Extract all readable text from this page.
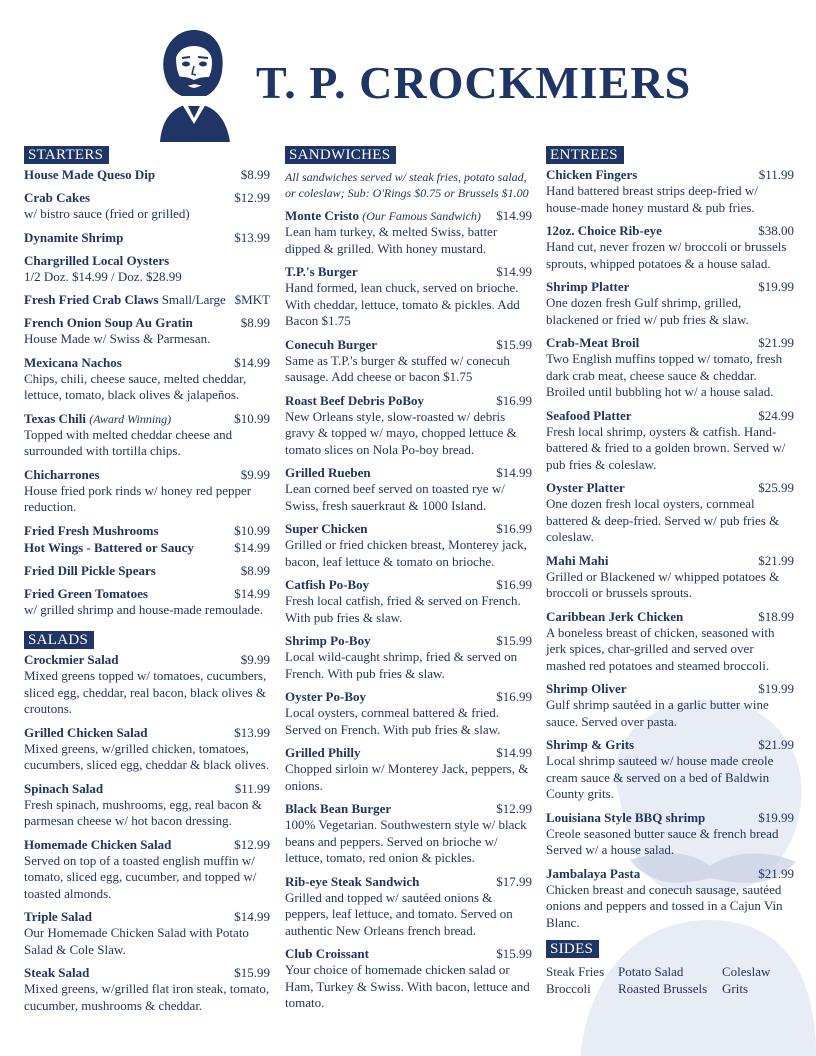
T. P. CROCKMIERS
STARTERS
House Made Queso Dip	$8.99
Crab Cakes	$12.99
w/ bistro sauce (fried or grilled)
Dynamite Shrimp	$13.99
Chargrilled Local Oysters
1/2 Doz. $14.99 / Doz. $28.99
Fresh Fried Crab Claws Small/Large $MKT
French Onion Soup Au Gratin	$8.99
House Made w/ Swiss & Parmesan.
Mexicana Nachos	$14.99
Chips, chili, cheese sauce, melted cheddar, lettuce, tomato, black olives & jalapeños.
Texas Chili (Award Winning)	$10.99
Topped with melted cheddar cheese and surrounded with tortilla chips.
Chicharrones	$9.99
House fried pork rinds w/ honey red pepper reduction.
Fried Fresh Mushrooms	$10.99
Hot Wings - Battered or Saucy	$14.99
Fried Dill Pickle Spears	$8.99
Fried Green Tomatoes	$14.99
w/ grilled shrimp and house-made remoulade.
SALADS
Crockmier Salad	$9.99
Mixed greens topped w/ tomatoes, cucumbers, sliced egg, cheddar, real bacon, black olives & croutons.
Grilled Chicken Salad	$13.99
Mixed greens, w/grilled chicken, tomatoes, cucumbers, sliced egg, cheddar & black olives.
Spinach Salad	$11.99
Fresh spinach, mushrooms, egg, real bacon & parmesan cheese w/ hot bacon dressing.
Homemade Chicken Salad	$12.99
Served on top of a toasted english muffin w/ tomato, sliced egg, cucumber, and topped w/ toasted almonds.
Triple Salad	$14.99
Our Homemade Chicken Salad with Potato Salad & Cole Slaw.
Steak Salad	$15.99
Mixed greens, w/grilled flat iron steak, tomato, cucumber, mushrooms & cheddar.
SANDWICHES
All sandwiches served w/ steak fries, potato salad, or coleslaw; Sub: O'Rings $0.75 or Brussels $1.00
Monte Cristo (Our Famous Sandwich)	$14.99
Lean ham turkey, & melted Swiss, batter dipped & grilled. With honey mustard.
T.P.'s Burger	$14.99
Hand formed, lean chuck, served on brioche. With cheddar, lettuce, tomato & pickles. Add Bacon $1.75
Conecuh Burger	$15.99
Same as T.P.'s burger & stuffed w/ conecuh sausage. Add cheese or bacon $1.75
Roast Beef Debris PoBoy	$16.99
New Orleans style, slow-roasted w/ debris gravy & topped w/ mayo, chopped lettuce & tomato slices on Nola Po-boy bread.
Grilled Rueben	$14.99
Lean corned beef served on toasted rye w/ Swiss, fresh sauerkraut & 1000 Island.
Super Chicken	$16.99
Grilled or fried chicken breast, Monterey jack, bacon, leaf lettuce & tomato on brioche.
Catfish Po-Boy	$16.99
Fresh local catfish, fried & served on French. With pub fries & slaw.
Shrimp Po-Boy	$15.99
Local wild-caught shrimp, fried & served on French. With pub fries & slaw.
Oyster Po-Boy	$16.99
Local oysters, cornmeal battered & fried. Served on French. With pub fries & slaw.
Grilled Philly	$14.99
Chopped sirloin w/ Monterey Jack, peppers, & onions.
Black Bean Burger	$12.99
100% Vegetarian. Southwestern style w/ black beans and peppers. Served on brioche w/ lettuce, tomato, red onion & pickles.
Rib-eye Steak Sandwich	$17.99
Grilled and topped w/ sautéed onions & peppers, leaf lettuce, and tomato. Served on authentic New Orleans french bread.
Club Croissant	$15.99
Your choice of homemade chicken salad or Ham, Turkey & Swiss. With bacon, lettuce and tomato.
ENTREES
Chicken Fingers	$11.99
Hand battered breast strips deep-fried w/ house-made honey mustard & pub fries.
12oz. Choice Rib-eye	$38.00
Hand cut, never frozen w/ broccoli or brussels sprouts, whipped potatoes & a house salad.
Shrimp Platter	$19.99
One dozen fresh Gulf shrimp, grilled, blackened or fried w/ pub fries & slaw.
Crab-Meat Broil	$21.99
Two English muffins topped w/ tomato, fresh dark crab meat, cheese sauce & cheddar. Broiled until bubbling hot w/ a house salad.
Seafood Platter	$24.99
Fresh local shrimp, oysters & catfish. Hand-battered & fried to a golden brown. Served w/ pub fries & coleslaw.
Oyster Platter	$25.99
One dozen fresh local oysters, cornmeal battered & deep-fried. Served w/ pub fries & coleslaw.
Mahi Mahi	$21.99
Grilled or Blackened w/ whipped potatoes & broccoli or brussels sprouts.
Caribbean Jerk Chicken	$18.99
A boneless breast of chicken, seasoned with jerk spices, char-grilled and served over mashed red potatoes and steamed broccoli.
Shrimp Oliver	$19.99
Gulf shrimp sautéed in a garlic butter wine sauce. Served over pasta.
Shrimp & Grits	$21.99
Local shrimp sauteed w/ house made creole cream sauce & served on a bed of Baldwin County grits.
Louisiana Style BBQ shrimp	$19.99
Creole seasoned butter sauce & french bread Served w/ a house salad.
Jambalaya Pasta	$21.99
Chicken breast and conecuh sausage, sautéed onions and peppers and tossed in a Cajun Vin Blanc.
SIDES
Steak Fries	Potato Salad	Coleslaw
Broccoli	Roasted Brussels	Grits
